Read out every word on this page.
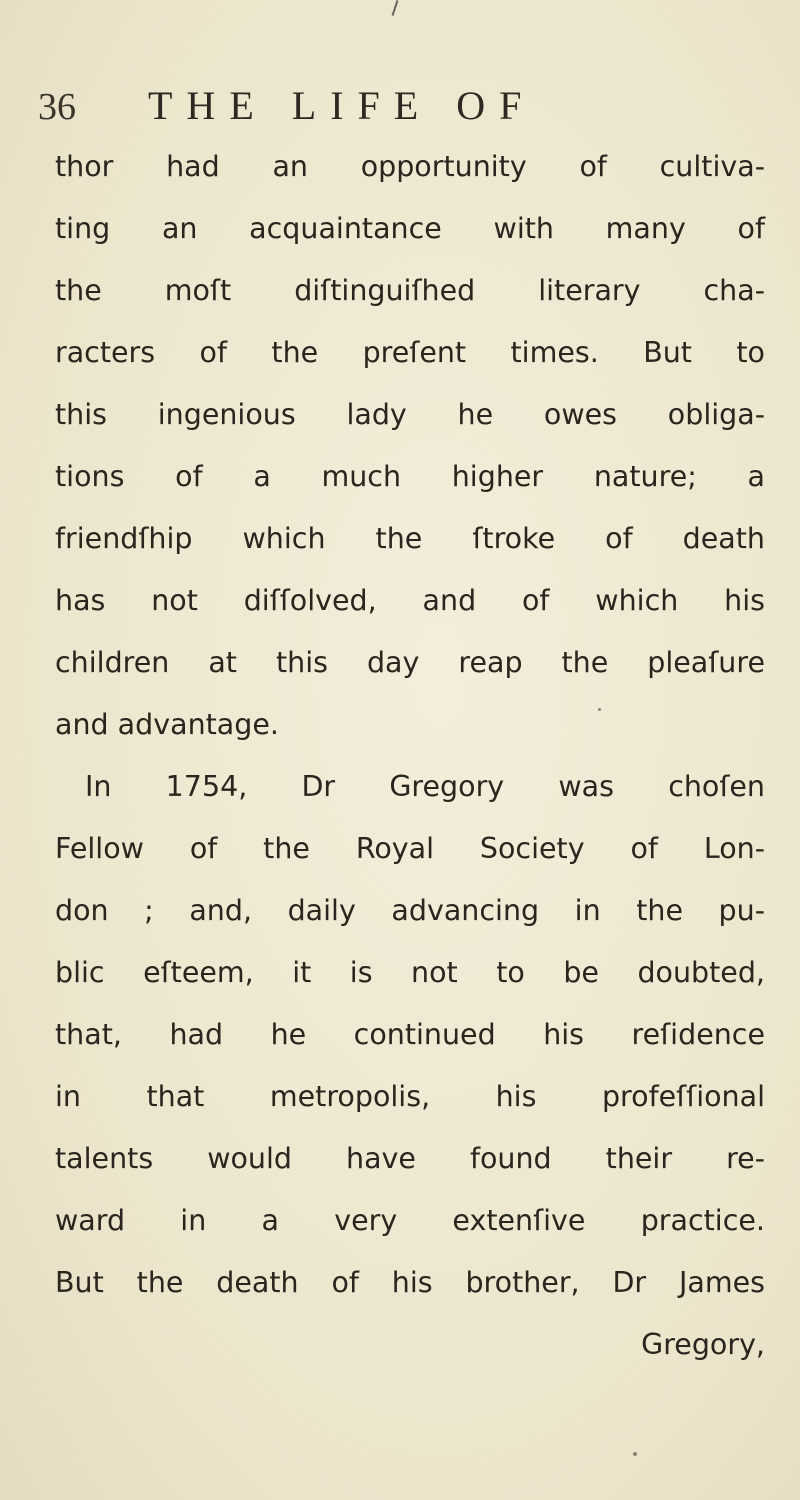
36	THE LIFE OF
thor had an opportunity of cultiva-
ting an acquaintance with many of
the moſt diſtinguiſhed literary cha-
racters of the preſent times. But to
this ingenious lady he owes obliga-
tions of a much higher nature; a
friendſhip which the ſtroke of death
has not diſſolved, and of which his
children at this day reap the pleaſure
and advantage.
In 1754, Dr Gregory was choſen
Fellow of the Royal Society of Lon-
don ; and, daily advancing in the pu-
blic eſteem, it is not to be doubted,
that, had he continued his reſidence
in that metropolis, his profeſſional
talents would have found their re-
ward in a very extenſive practice.
But the death of his brother, Dr James
Gregory,
